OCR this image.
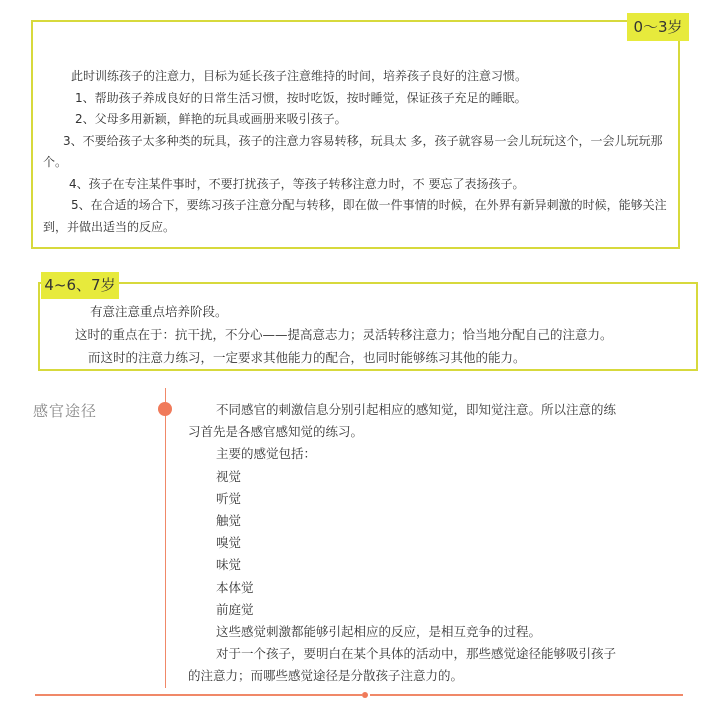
此时训练孩子的注意力，目标为延长孩子注意维持的时间，培养孩子良好的注意习惯。
1、帮助孩子养成良好的日常生活习惯，按时吃饭，按时睡觉，保证孩子充足的睡眠。
2、父母多用新颖，鲜艳的玩具或画册来吸引孩子。
3、不要给孩子太多种类的玩具，孩子的注意力容易转移，玩具太 多，孩子就容易一会儿玩玩这个，一会儿玩玩那
个。
4、孩子在专注某件事时，不要打扰孩子，等孩子转移注意力时，不 要忘了表扬孩子。
5、在合适的场合下，要练习孩子注意分配与转移，即在做一件事情的时候，在外界有新异刺激的时候，能够关注
到，并做出适当的反应。
0～3岁
有意注意重点培养阶段。
这时的重点在于：抗干扰，不分心——提高意志力；灵活转移注意力；恰当地分配自己的注意力。
而这时的注意力练习，一定要求其他能力的配合，也同时能够练习其他的能力。
4~6、7岁
感官途径	不同感官的刺激信息分别引起相应的感知觉，即知觉注意。所以注意的练
习首先是各感官感知觉的练习。
主要的感觉包括：
视觉
听觉
触觉
嗅觉
味觉
本体觉
前庭觉
这些感觉刺激都能够引起相应的反应，是相互竞争的过程。
对于一个孩子，要明白在某个具体的活动中，那些感觉途径能够吸引孩子
的注意力；而哪些感觉途径是分散孩子注意力的。
